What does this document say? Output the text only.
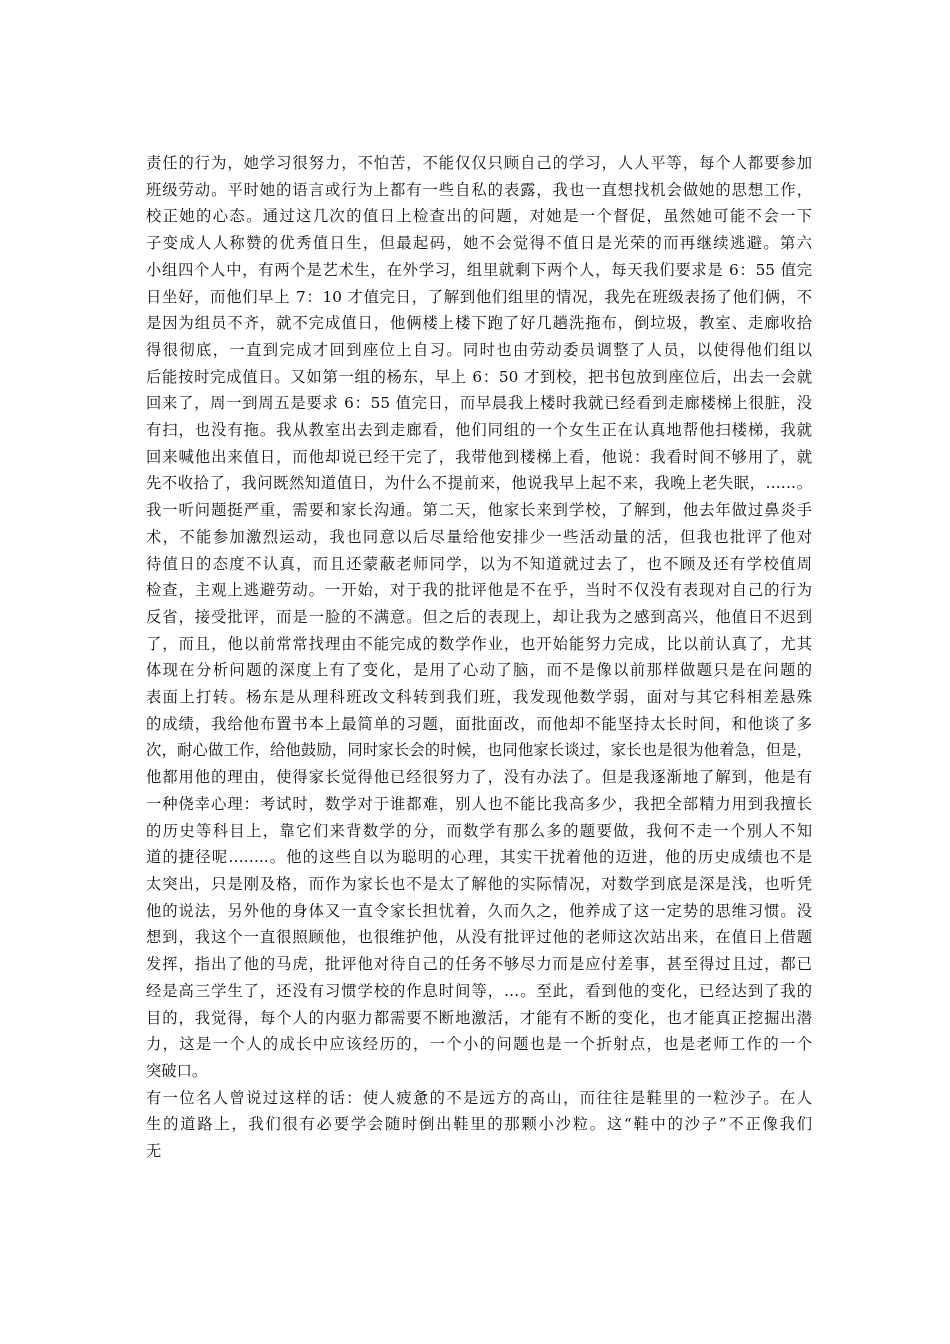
责任的行为，她学习很努力，不怕苦，不能仅仅只顾自己的学习，人人平等，每个人都要参加
班级劳动。平时她的语言或行为上都有一些自私的表露，我也一直想找机会做她的思想工作，
校正她的心态。通过这几次的值日上检查出的问题，对她是一个督促，虽然她可能不会一下
子变成人人称赞的优秀值日生，但最起码，她不会觉得不值日是光荣的而再继续逃避。第六
小组四个人中，有两个是艺术生，在外学习，组里就剩下两个人，每天我们要求是 6：55 值完
日坐好，而他们早上 7：10 才值完日，了解到他们组里的情况，我先在班级表扬了他们俩，不
是因为组员不齐，就不完成值日，他俩楼上楼下跑了好几趟洗拖布，倒垃圾，教室、走廊收拾
得很彻底，一直到完成才回到座位上自习。同时也由劳动委员调整了人员，以使得他们组以
后能按时完成值日。又如第一组的杨东，早上 6：50 才到校，把书包放到座位后，出去一会就
回来了，周一到周五是要求 6：55 值完日，而早晨我上楼时我就已经看到走廊楼梯上很脏，没
有扫，也没有拖。我从教室出去到走廊看，他们同组的一个女生正在认真地帮他扫楼梯，我就
回来喊他出来值日，而他却说已经干完了，我带他到楼梯上看，他说：我看时间不够用了，就
先不收拾了，我问既然知道值日，为什么不提前来，他说我早上起不来，我晚上老失眠，……。
我一听问题挺严重，需要和家长沟通。第二天，他家长来到学校，了解到，他去年做过鼻炎手
术，不能参加激烈运动，我也同意以后尽量给他安排少一些活动量的活，但我也批评了他对
待值日的态度不认真，而且还蒙蔽老师同学，以为不知道就过去了，也不顾及还有学校值周
检查，主观上逃避劳动。一开始，对于我的批评他是不在乎，当时不仅没有表现对自己的行为
反省，接受批评，而是一脸的不满意。但之后的表现上，却让我为之感到高兴，他值日不迟到
了，而且，他以前常常找理由不能完成的数学作业，也开始能努力完成，比以前认真了，尤其
体现在分析问题的深度上有了变化，是用了心动了脑，而不是像以前那样做题只是在问题的
表面上打转。杨东是从理科班改文科转到我们班，我发现他数学弱，面对与其它科相差悬殊
的成绩，我给他布置书本上最简单的习题，面批面改，而他却不能坚持太长时间，和他谈了多
次，耐心做工作，给他鼓励，同时家长会的时候，也同他家长谈过，家长也是很为他着急，但是，
他都用他的理由，使得家长觉得他已经很努力了，没有办法了。但是我逐渐地了解到，他是有
一种侥幸心理：考试时，数学对于谁都难，别人也不能比我高多少，我把全部精力用到我擅长
的历史等科目上，靠它们来背数学的分，而数学有那么多的题要做，我何不走一个别人不知
道的捷径呢……..。他的这些自以为聪明的心理，其实干扰着他的迈进，他的历史成绩也不是
太突出，只是刚及格，而作为家长也不是太了解他的实际情况，对数学到底是深是浅，也听凭
他的说法，另外他的身体又一直令家长担忧着，久而久之，他养成了这一定势的思维习惯。没
想到，我这个一直很照顾他，也很维护他，从没有批评过他的老师这次站出来，在值日上借题
发挥，指出了他的马虎，批评他对待自己的任务不够尽力而是应付差事，甚至得过且过，都已
经是高三学生了，还没有习惯学校的作息时间等，…。至此，看到他的变化，已经达到了我的
目的，我觉得，每个人的内驱力都需要不断地激活，才能有不断的变化，也才能真正挖掘出潜
力，这是一个人的成长中应该经历的，一个小的问题也是一个折射点，也是老师工作的一个
突破口。
有一位名人曾说过这样的话：使人疲惫的不是远方的高山，而往往是鞋里的一粒沙子。在人
生的道路上，我们很有必要学会随时倒出鞋里的那颗小沙粒。这“鞋中的沙子”不正像我们
无
